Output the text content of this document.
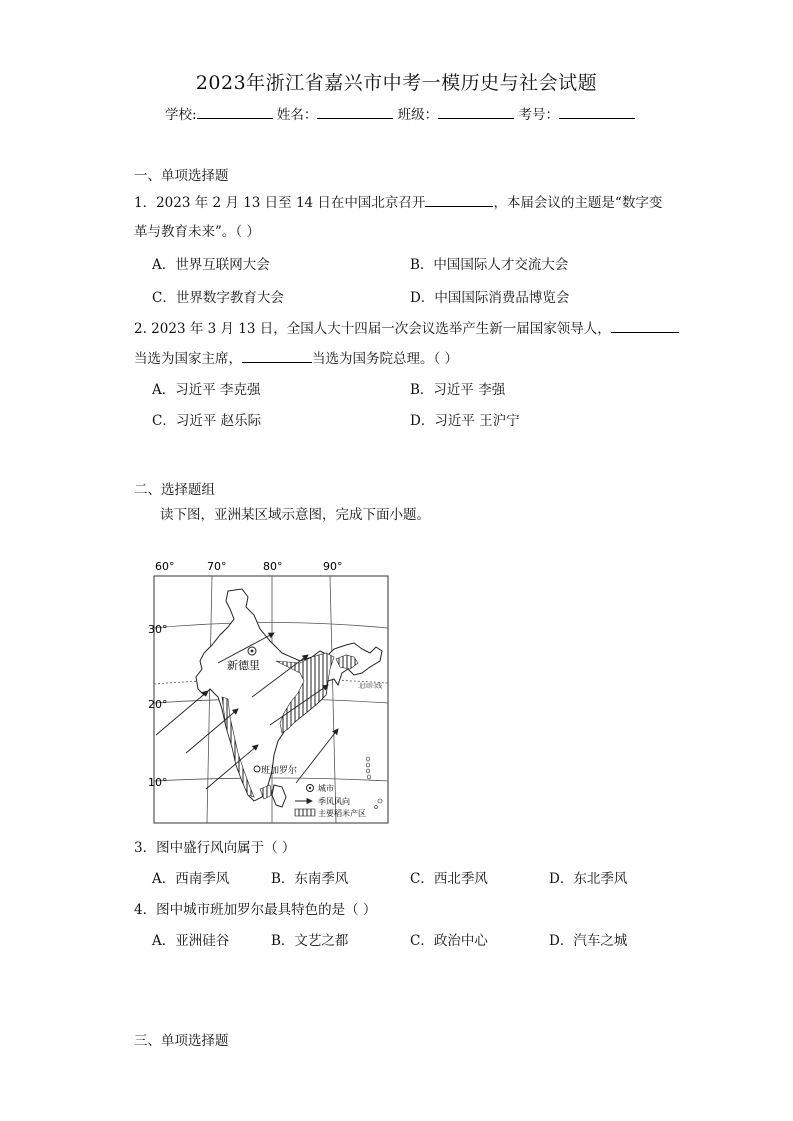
2023年浙江省嘉兴市中考一模历史与社会试题
学校:	姓名：	班级：	考号：
一、单项选择题
1．2023 年 2 月 13 日至 14 日在中国北京召开	，本届会议的主题是“数字变
革与教育未来”。（ ）
A．世界互联网大会	B．中国国际人才交流大会
C．世界数字教育大会	D．中国国际消费品博览会
2. 2023 年 3 月 13 日，全国人大十四届一次会议选举产生新一届国家领导人，
当选为国家主席，	当选为国务院总理。（ ）
A．习近平 李克强	B．习近平 李强
C．习近平 赵乐际	D．习近平 王沪宁
二、选择题组
读下图，亚洲某区域示意图，完成下面小题。
60°	70°	80°	90°
北回归线
30°
20°
10°
新德里
班加罗尔
城市
季风风向
主要稻米产区
3．图中盛行风向属于（ ）
A．西南季风	B．东南季风	C．西北季风	D．东北季风
4．图中城市班加罗尔最具特色的是（ ）
A．亚洲硅谷	B．文艺之都	C．政治中心	D．汽车之城
三、单项选择题
